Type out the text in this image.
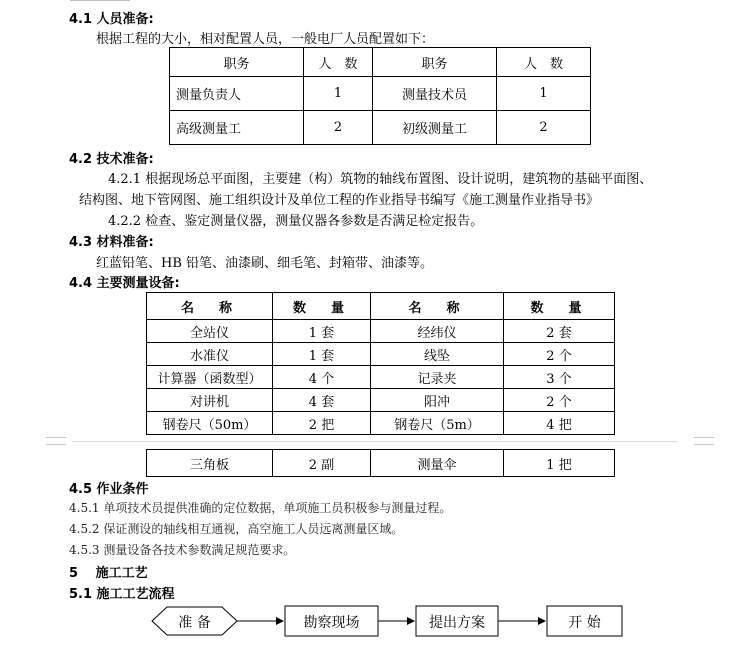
4.1 人员准备:
根据工程的大小，相对配置人员，一般电厂人员配置如下：
职务	人　数	职务	人　数
测量负责人	1	测量技术员	1
高级测量工	2	初级测量工	2
4.2 技术准备:
4.2.1 根据现场总平面图，主要建（构）筑物的轴线布置图、设计说明，建筑物的基础平面图、
结构图、地下管网图、施工组织设计及单位工程的作业指导书编写《施工测量作业指导书》
4.2.2 检查、鉴定测量仪器，测量仪器各参数是否满足检定报告。
4.3 材料准备:
红蓝铅笔、HB 铅笔、油漆刷、细毛笔、封箱带、油漆等。
4.4 主要测量设备:
名　称	数　量	名　称	数　量
全站仪	1 套	经纬仪	2 套
水准仪	1 套	线坠	2 个
计算器（函数型）	4 个	记录夹	3 个
对讲机	4 套	阳冲	2 个
钢卷尺（50m）	2 把	钢卷尺（5m）	4 把
三角板	2 副	测量伞	1 把
4.5 作业条件
4.5.1 单项技术员提供准确的定位数据，单项施工员积极参与测量过程。
4.5.2 保证测设的轴线相互通视，高空施工人员远离测量区域。
4.5.3 测量设备各技术参数满足规范要求。
5　 施工工艺
5.1 施工工艺流程
准 备	勘察现场	提出方案	开 始
